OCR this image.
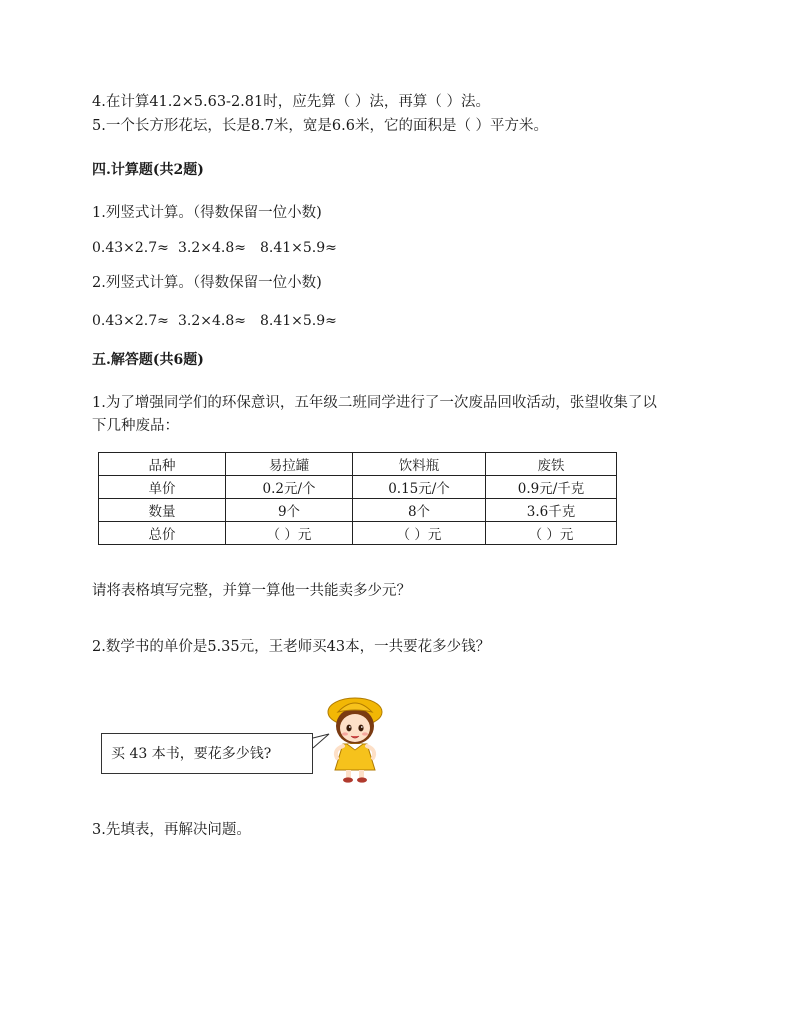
4.在计算41.2×5.63-2.81时，应先算（ ）法，再算（ ）法。
5.一个长方形花坛，长是8.7米，宽是6.6米，它的面积是（ ）平方米。
四.计算题(共2题)
1.列竖式计算。（得数保留一位小数)
0.43×2.7≈ 3.2×4.8≈ 8.41×5.9≈
2.列竖式计算。（得数保留一位小数)
0.43×2.7≈ 3.2×4.8≈ 8.41×5.9≈
五.解答题(共6题)
1.为了增强同学们的环保意识，五年级二班同学进行了一次废品回收活动，张望收集了以
下几种废品：
品种	易拉罐	饮料瓶	废铁
单价	0.2元/个	0.15元/个	0.9元/千克
数量	9个	8个	3.6千克
总价	（ ）元	（ ）元	（ ）元
请将表格填写完整，并算一算他一共能卖多少元？
2.数学书的单价是5.35元，王老师买43本，一共要花多少钱？
买 43 本书，要花多少钱?
3.先填表，再解决问题。
